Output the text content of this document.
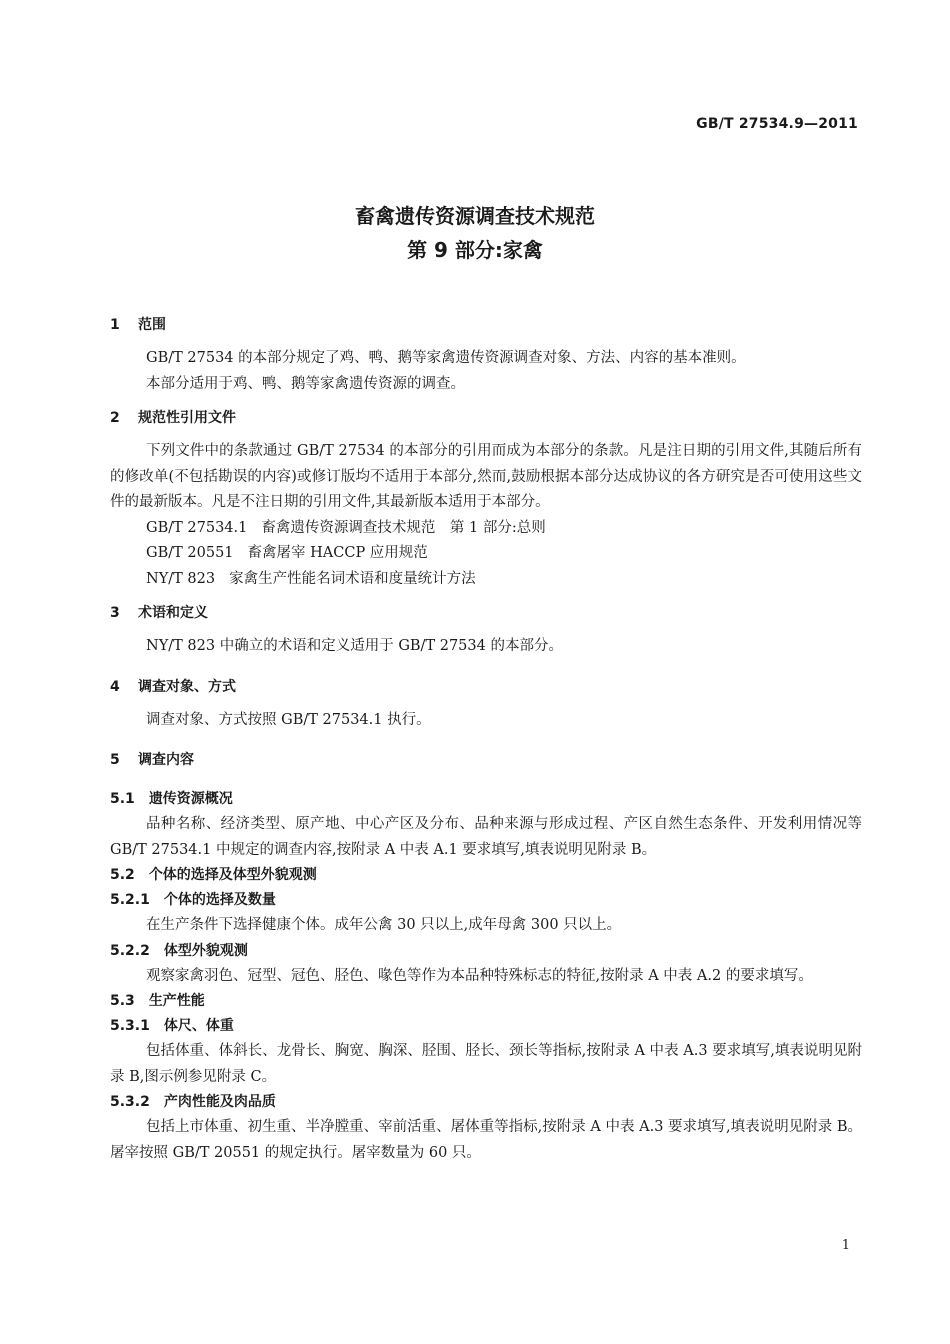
GB/T 27534.9—2011
畜禽遗传资源调查技术规范
第 9 部分:家禽
1 范围

GB/T 27534 的本部分规定了鸡、鸭、鹅等家禽遗传资源调查对象、方法、内容的基本准则。

本部分适用于鸡、鸭、鹅等家禽遗传资源的调查。

2 规范性引用文件

下列文件中的条款通过 GB/T 27534 的本部分的引用而成为本部分的条款。凡是注日期的引用文件,其随后所有的修改单(不包括勘误的内容)或修订版均不适用于本部分,然而,鼓励根据本部分达成协议的各方研究是否可使用这些文件的最新版本。凡是不注日期的引用文件,其最新版本适用于本部分。

GB/T 27534.1 畜禽遗传资源调查技术规范　第 1 部分:总则
GB/T 20551 畜禽屠宰 HACCP 应用规范
NY/T 823 家禽生产性能名词术语和度量统计方法
3 术语和定义

NY/T 823 中确立的术语和定义适用于 GB/T 27534 的本部分。

4 调查对象、方式

调查对象、方式按照 GB/T 27534.1 执行。

5 调查内容
5.1 遗传资源概况

品种名称、经济类型、原产地、中心产区及分布、品种来源与形成过程、产区自然生态条件、开发利用情况等 GB/T 27534.1 中规定的调查内容,按附录 A 中表 A.1 要求填写,填表说明见附录 B。

5.2 个体的选择及体型外貌观测
5.2.1 个体的选择及数量

在生产条件下选择健康个体。成年公禽 30 只以上,成年母禽 300 只以上。

5.2.2 体型外貌观测

观察家禽羽色、冠型、冠色、胫色、喙色等作为本品种特殊标志的特征,按附录 A 中表 A.2 的要求填写。

5.3 生产性能
5.3.1 体尺、体重

包括体重、体斜长、龙骨长、胸宽、胸深、胫围、胫长、颈长等指标,按附录 A 中表 A.3 要求填写,填表说明见附录 B,图示例参见附录 C。

5.3.2 产肉性能及肉品质

包括上市体重、初生重、半净膛重、宰前活重、屠体重等指标,按附录 A 中表 A.3 要求填写,填表说明见附录 B。屠宰按照 GB/T 20551 的规定执行。屠宰数量为 60 只。

1
